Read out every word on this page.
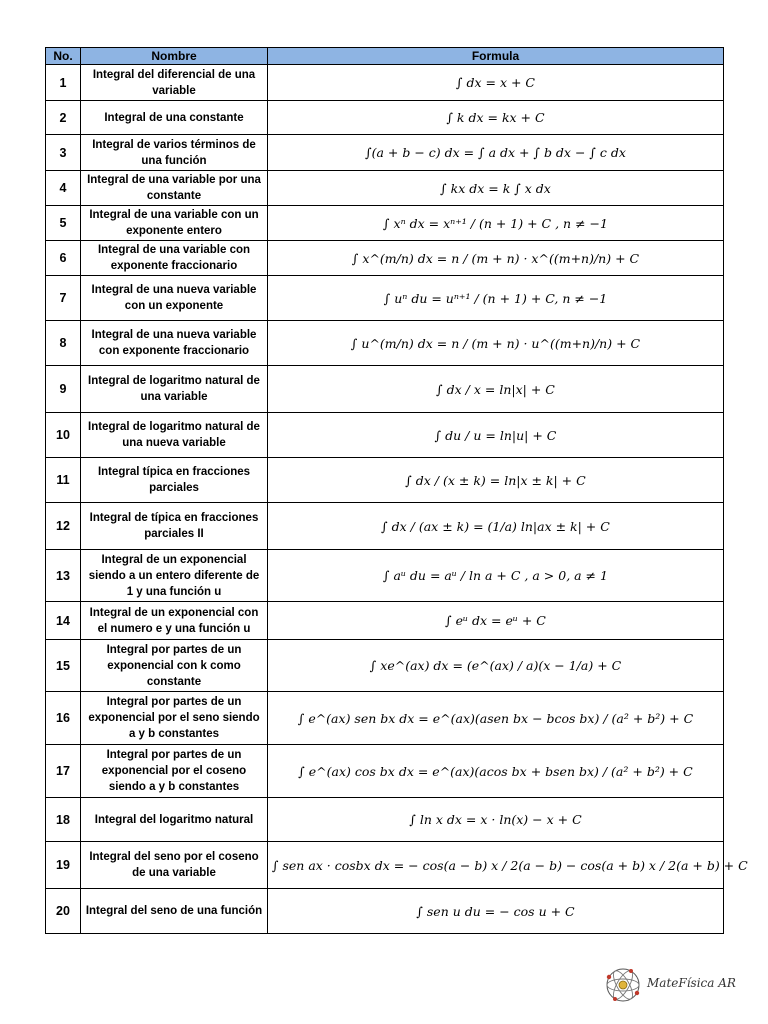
No.	Nombre	Formula
1	Integral del diferencial de una variable	∫ dx = x + C
2	Integral de una constante	∫ k dx = kx + C
3	Integral de varios términos de una función	∫(a + b − c) dx = ∫ a dx + ∫ b dx − ∫ c dx
4	Integral de una variable por una constante	∫ kx dx = k ∫ x dx
5	Integral de una variable con un exponente entero	∫ xⁿ dx = xⁿ⁺¹ / (n + 1) + C , n ≠ −1
6	Integral de una variable con exponente fraccionario	∫ x^(m/n) dx = n / (m + n) · x^((m+n)/n) + C
7	Integral de una nueva variable con un exponente	∫ uⁿ du = uⁿ⁺¹ / (n + 1) + C, n ≠ −1
8	Integral de una nueva variable con exponente fraccionario	∫ u^(m/n) dx = n / (m + n) · u^((m+n)/n) + C
9	Integral de logaritmo natural de una variable	∫ dx / x = ln|x| + C
10	Integral de logaritmo natural de una nueva variable	∫ du / u = ln|u| + C
11	Integral típica en fracciones parciales	∫ dx / (x ± k) = ln|x ± k| + C
12	Integral de típica en fracciones parciales II	∫ dx / (ax ± k) = (1/a) ln|ax ± k| + C
13	Integral de un exponencial siendo a un entero diferente de 1 y una función u	∫ aᵘ du = aᵘ / ln a + C , a > 0, a ≠ 1
14	Integral de un exponencial con el numero e y una función u	∫ eᵘ dx = eᵘ + C
15	Integral por partes de un exponencial con k como constante	∫ xe^(ax) dx = (e^(ax) / a)(x − 1/a) + C
16	Integral por partes de un exponencial por el seno siendo a y b constantes	∫ e^(ax) sen bx dx = e^(ax)(asen bx − bcos bx) / (a² + b²) + C
17	Integral por partes de un exponencial por el coseno siendo a y b constantes	∫ e^(ax) cos bx dx = e^(ax)(acos bx + bsen bx) / (a² + b²) + C
18	Integral del logaritmo natural	∫ ln x dx = x · ln(x) − x + C
19	Integral del seno por el coseno de una variable	∫ sen ax · cosbx dx = − cos(a − b) x / 2(a − b) − cos(a + b) x / 2(a + b) + C
20	Integral del seno de una función	∫ sen u du = − cos u + C
MateFísica AR
